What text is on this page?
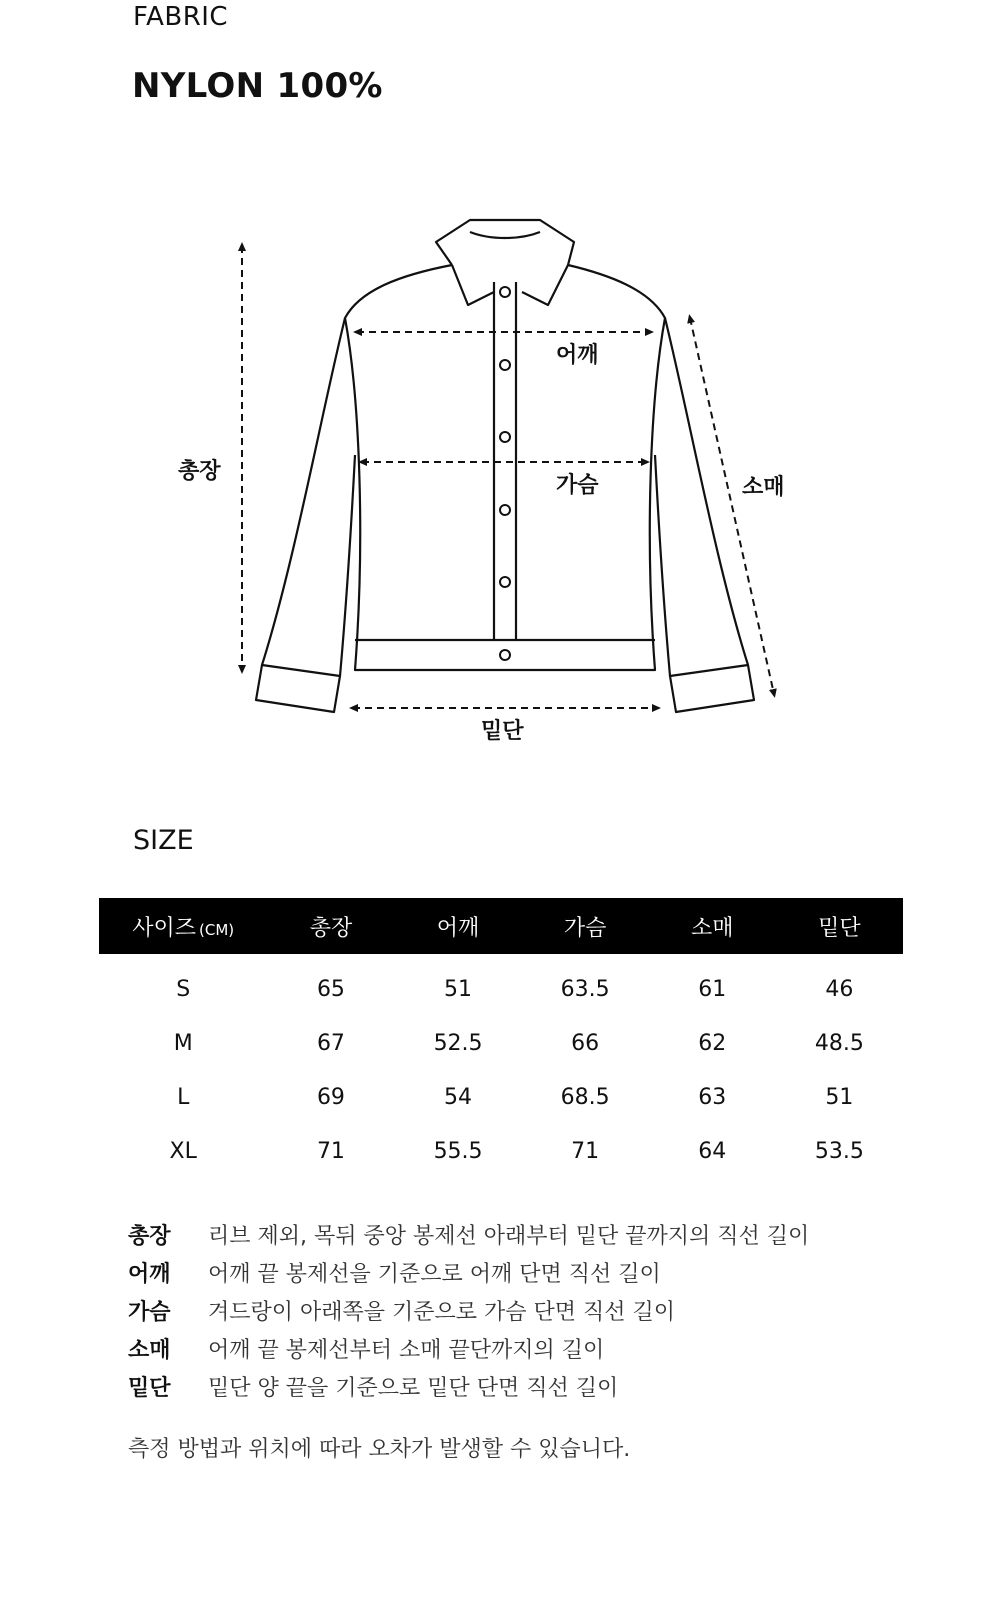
FABRIC
NYLON 100%
총장
어깨
가슴	소매
밑단
SIZE
사이즈 (CM)	총장	어깨	가슴	소매	밑단
S	65	51	63.5	61	46
M	67	52.5	66	62	48.5
L	69	54	68.5	63	51
XL	71	55.5	71	64	53.5
총장	리브 제외, 목뒤 중앙 봉제선 아래부터 밑단 끝까지의 직선 길이
어깨	어깨 끝 봉제선을 기준으로 어깨 단면 직선 길이
가슴	겨드랑이 아래쪽을 기준으로 가슴 단면 직선 길이
소매	어깨 끝 봉제선부터 소매 끝단까지의 길이
밑단	밑단 양 끝을 기준으로 밑단 단면 직선 길이
측정 방법과 위치에 따라 오차가 발생할 수 있습니다.
